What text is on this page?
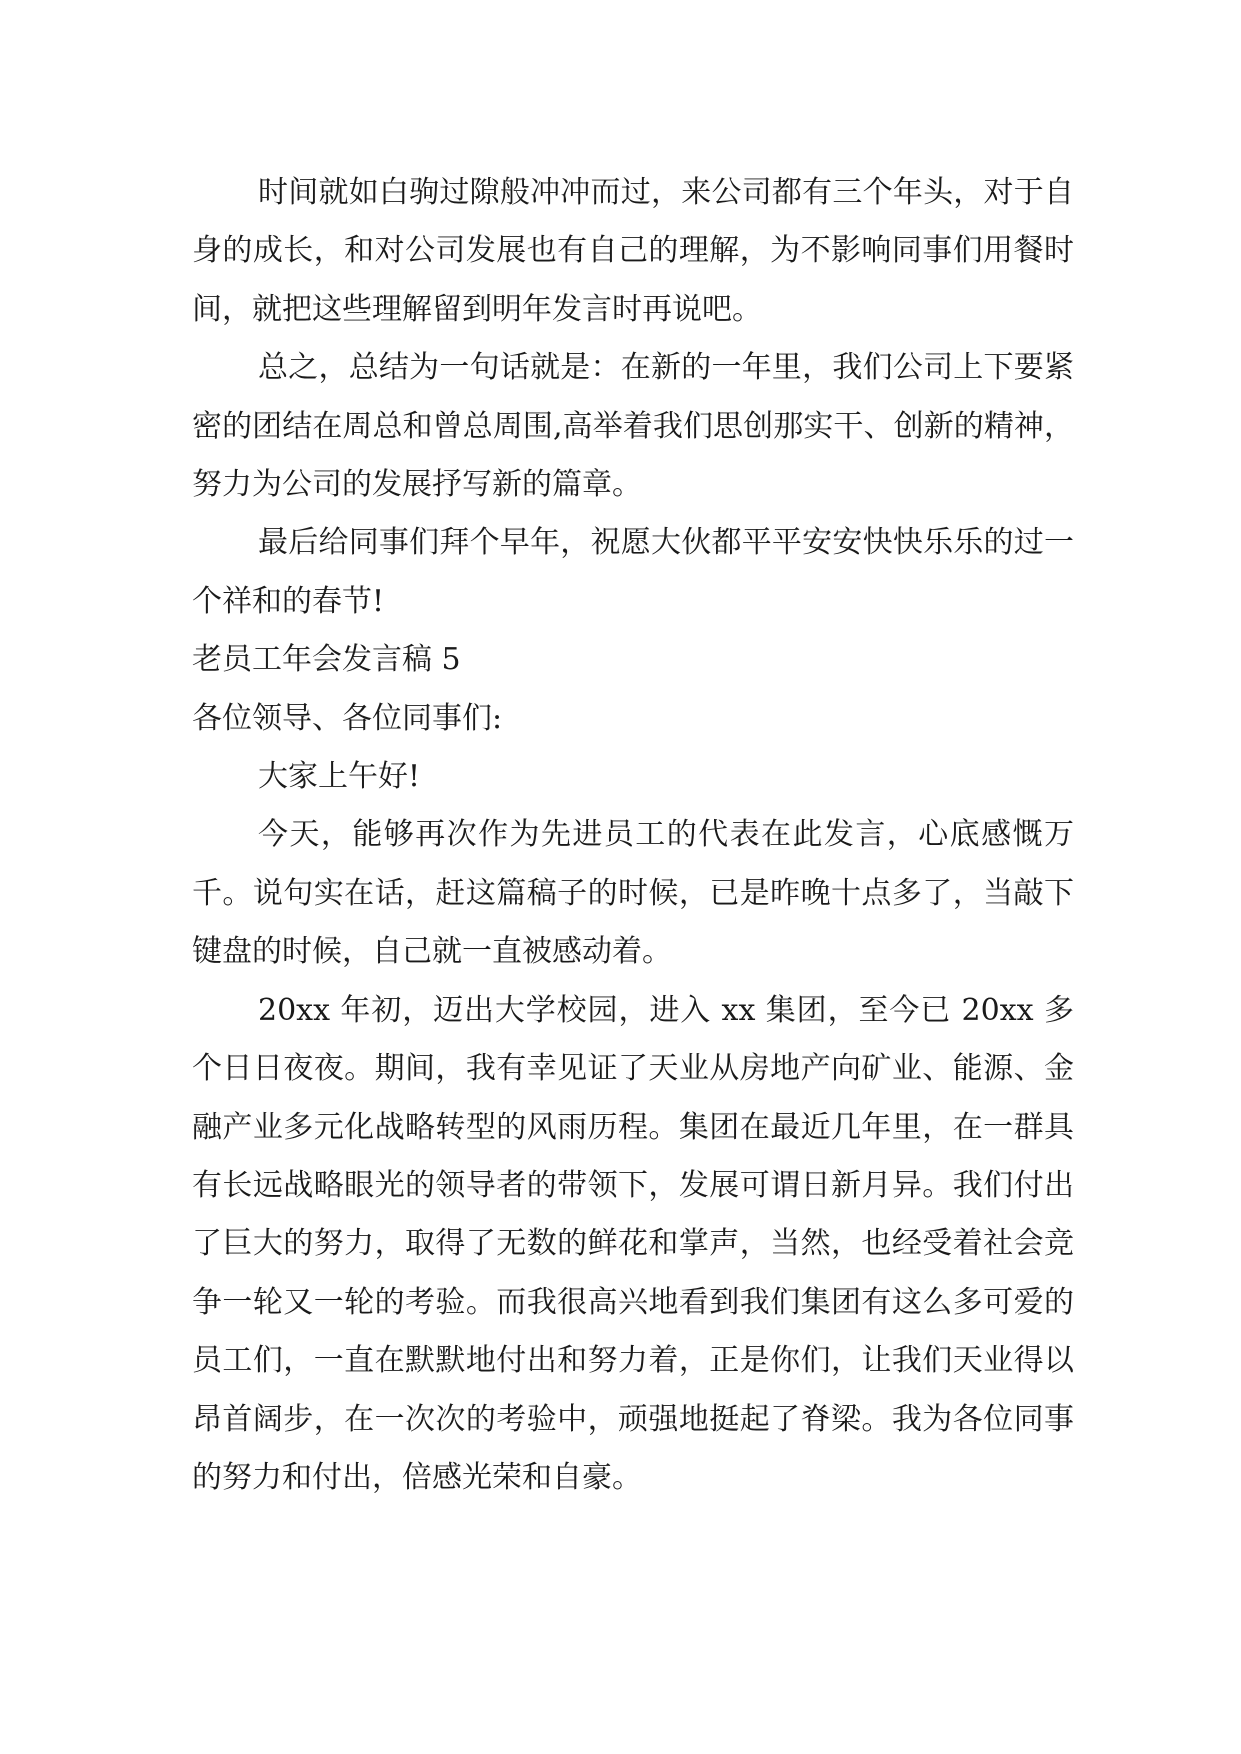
时间就如白驹过隙般冲冲而过，来公司都有三个年头，对于自身的成长，和对公司发展也有自己的理解，为不影响同事们用餐时间，就把这些理解留到明年发言时再说吧。

总之，总结为一句话就是：在新的一年里，我们公司上下要紧密的团结在周总和曾总周围,高举着我们思创那实干、创新的精神，努力为公司的发展抒写新的篇章。

最后给同事们拜个早年，祝愿大伙都平平安安快快乐乐的过一个祥和的春节!

老员工年会发言稿 5

各位领导、各位同事们:

大家上午好!

今天，能够再次作为先进员工的代表在此发言，心底感慨万千。说句实在话，赶这篇稿子的时候，已是昨晚十点多了，当敲下键盘的时候，自己就一直被感动着。

20xx 年初，迈出大学校园，进入 xx 集团，至今已 20xx 多个日日夜夜。期间，我有幸见证了天业从房地产向矿业、能源、金融产业多元化战略转型的风雨历程。集团在最近几年里，在一群具有长远战略眼光的领导者的带领下，发展可谓日新月异。我们付出了巨大的努力，取得了无数的鲜花和掌声，当然，也经受着社会竞争一轮又一轮的考验。而我很高兴地看到我们集团有这么多可爱的员工们，一直在默默地付出和努力着，正是你们，让我们天业得以昂首阔步，在一次次的考验中，顽强地挺起了脊梁。我为各位同事的努力和付出，倍感光荣和自豪。
